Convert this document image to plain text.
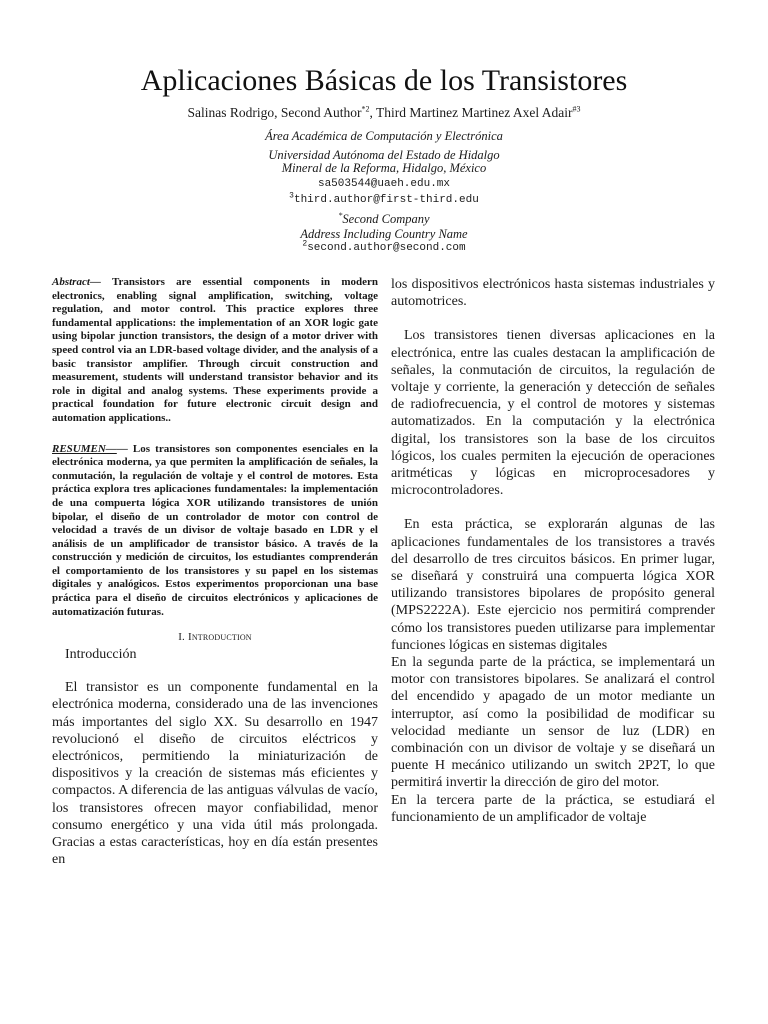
Aplicaciones Básicas de los Transistores
Salinas Rodrigo, Second Author$^{*2}$, Third Martinez Martinez Axel Adair$^{\#3}$
Área Académica de Computación y Electrónica
Universidad Autónoma del Estado de Hidalgo
Mineral de la Reforma, Hidalgo, México
sa503544@uaeh.edu.mx
$^3$third.author@first-third.edu
*Second Company
Address Including Country Name
$^2$second.author@second.com

Abstract— Transistors are essential components in modern electronics, enabling signal amplification, switching, voltage regulation, and motor control. This practice explores three fundamental applications: the implementation of an XOR logic gate using bipolar junction transistors, the design of a motor driver with speed control via an LDR-based voltage divider, and the analysis of a basic transistor amplifier. Through circuit construction and measurement, students will understand transistor behavior and its role in digital and analog systems. These experiments provide a practical foundation for future electronic circuit design and automation applications..

RESUMEN—— Los transistores son componentes esenciales en la electrónica moderna, ya que permiten la amplificación de señales, la conmutación, la regulación de voltaje y el control de motores. Esta práctica explora tres aplicaciones fundamentales: la implementación de una compuerta lógica XOR utilizando transistores de unión bipolar, el diseño de un controlador de motor con control de velocidad a través de un divisor de voltaje basado en LDR y el análisis de un amplificador de transistor básico. A través de la construcción y medición de circuitos, los estudiantes comprenderán el comportamiento de los transistores y su papel en los sistemas digitales y analógicos. Estos experimentos proporcionan una base práctica para el diseño de circuitos electrónicos y aplicaciones de automatización futuras.

I. Introduction
Introducción

El transistor es un componente fundamental en la electrónica moderna, considerado una de las invenciones más importantes del siglo XX. Su desarrollo en 1947 revolucionó el diseño de circuitos eléctricos y electrónicos, permitiendo la miniaturización de dispositivos y la creación de sistemas más eficientes y compactos. A diferencia de las antiguas válvulas de vacío, los transistores ofrecen mayor confiabilidad, menor consumo energético y una vida útil más prolongada. Gracias a estas características, hoy en día están presentes en

los dispositivos electrónicos hasta sistemas industriales y automotrices.

Los transistores tienen diversas aplicaciones en la electrónica, entre las cuales destacan la amplificación de señales, la conmutación de circuitos, la regulación de voltaje y corriente, la generación y detección de señales de radiofrecuencia, y el control de motores y sistemas automatizados. En la computación y la electrónica digital, los transistores son la base de los circuitos lógicos, los cuales permiten la ejecución de operaciones aritméticas y lógicas en microprocesadores y microcontroladores.

En esta práctica, se explorarán algunas de las aplicaciones fundamentales de los transistores a través del desarrollo de tres circuitos básicos. En primer lugar, se diseñará y construirá una compuerta lógica XOR utilizando transistores bipolares de propósito general (MPS2222A). Este ejercicio nos permitirá comprender cómo los transistores pueden utilizarse para implementar funciones lógicas en sistemas digitales

En la segunda parte de la práctica, se implementará un motor con transistores bipolares. Se analizará el control del encendido y apagado de un motor mediante un interruptor, así como la posibilidad de modificar su velocidad mediante un sensor de luz (LDR) en combinación con un divisor de voltaje y se diseñará un puente H mecánico utilizando un switch 2P2T, lo que permitirá invertir la dirección de giro del motor.

En la tercera parte de la práctica, se estudiará el funcionamiento de un amplificador de voltaje
